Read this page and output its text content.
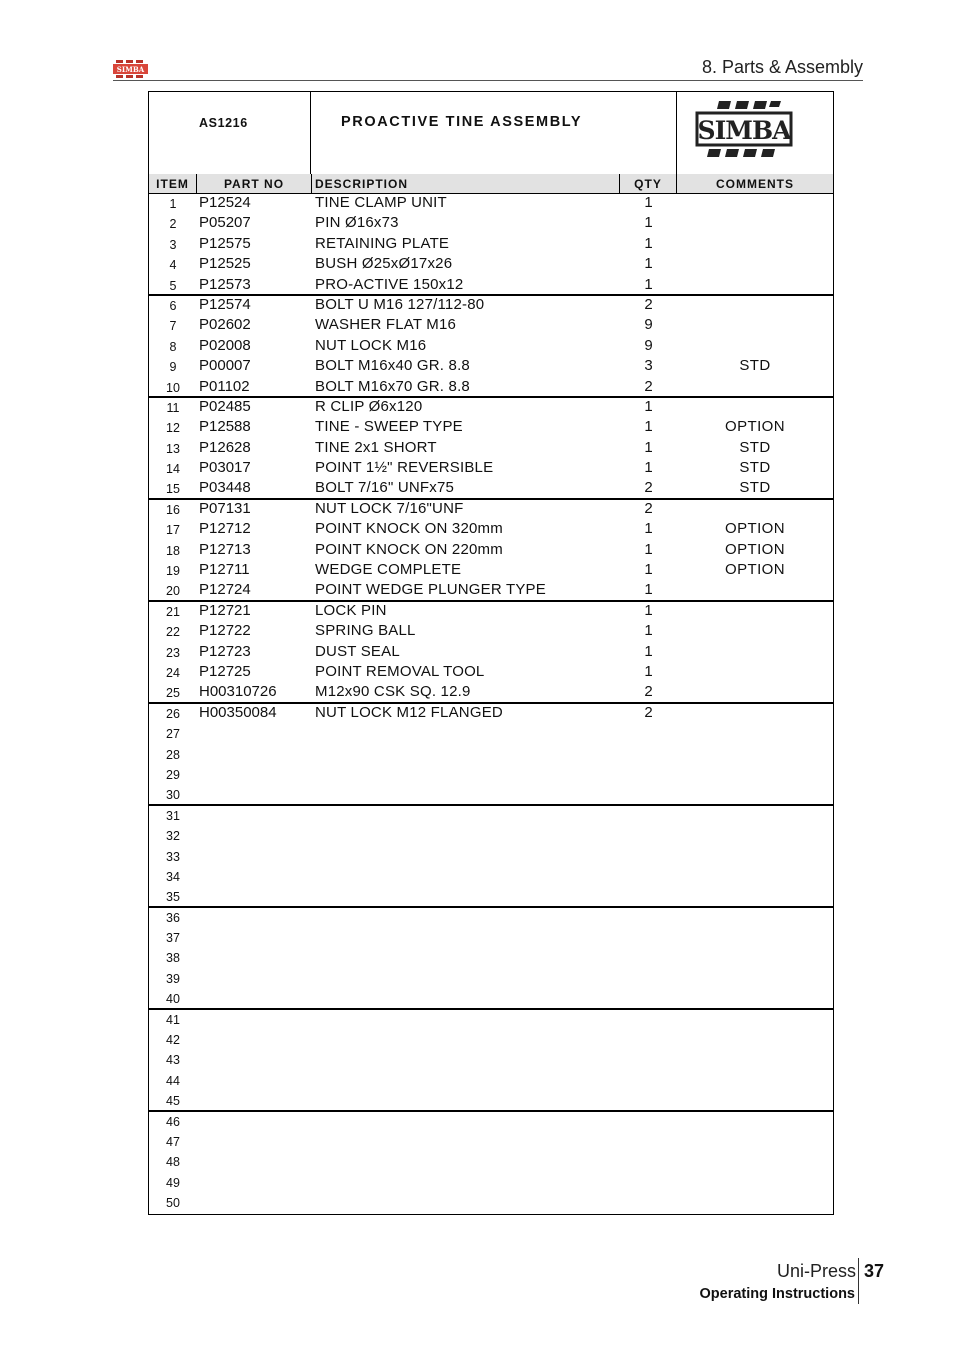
SIMBA	8. Parts & Assembly
AS1216	PROACTIVE TINE ASSEMBLY	SIMBA
ITEM	PART NO	DESCRIPTION	QTY	COMMENTS
1	P12524	TINE CLAMP UNIT	1
2	P05207	PIN Ø16x73	1
3	P12575	RETAINING PLATE	1
4	P12525	BUSH Ø25xØ17x26	1
5	P12573	PRO-ACTIVE 150x12	1
6	P12574	BOLT U M16 127/112-80	2
7	P02602	WASHER FLAT M16	9
8	P02008	NUT LOCK M16	9
9	P00007	BOLT M16x40 GR. 8.8	3	STD
10	P01102	BOLT M16x70 GR. 8.8	2
11	P02485	R CLIP Ø6x120	1
12	P12588	TINE - SWEEP TYPE	1	OPTION
13	P12628	TINE 2x1 SHORT	1	STD
14	P03017	POINT 1½" REVERSIBLE	1	STD
15	P03448	BOLT 7/16" UNFx75	2	STD
16	P07131	NUT LOCK 7/16"UNF	2
17	P12712	POINT KNOCK ON 320mm	1	OPTION
18	P12713	POINT KNOCK ON 220mm	1	OPTION
19	P12711	WEDGE COMPLETE	1	OPTION
20	P12724	POINT WEDGE PLUNGER TYPE	1
21	P12721	LOCK PIN	1
22	P12722	SPRING BALL	1
23	P12723	DUST SEAL	1
24	P12725	POINT REMOVAL TOOL	1
25	H00310726	M12x90 CSK SQ. 12.9	2
26	H00350084	NUT LOCK M12 FLANGED	2
27
28
29
30
31
32
33
34
35
36
37
38
39
40
41
42
43
44
45
46
47
48
49
50
Uni-Press 37
Operating Instructions
